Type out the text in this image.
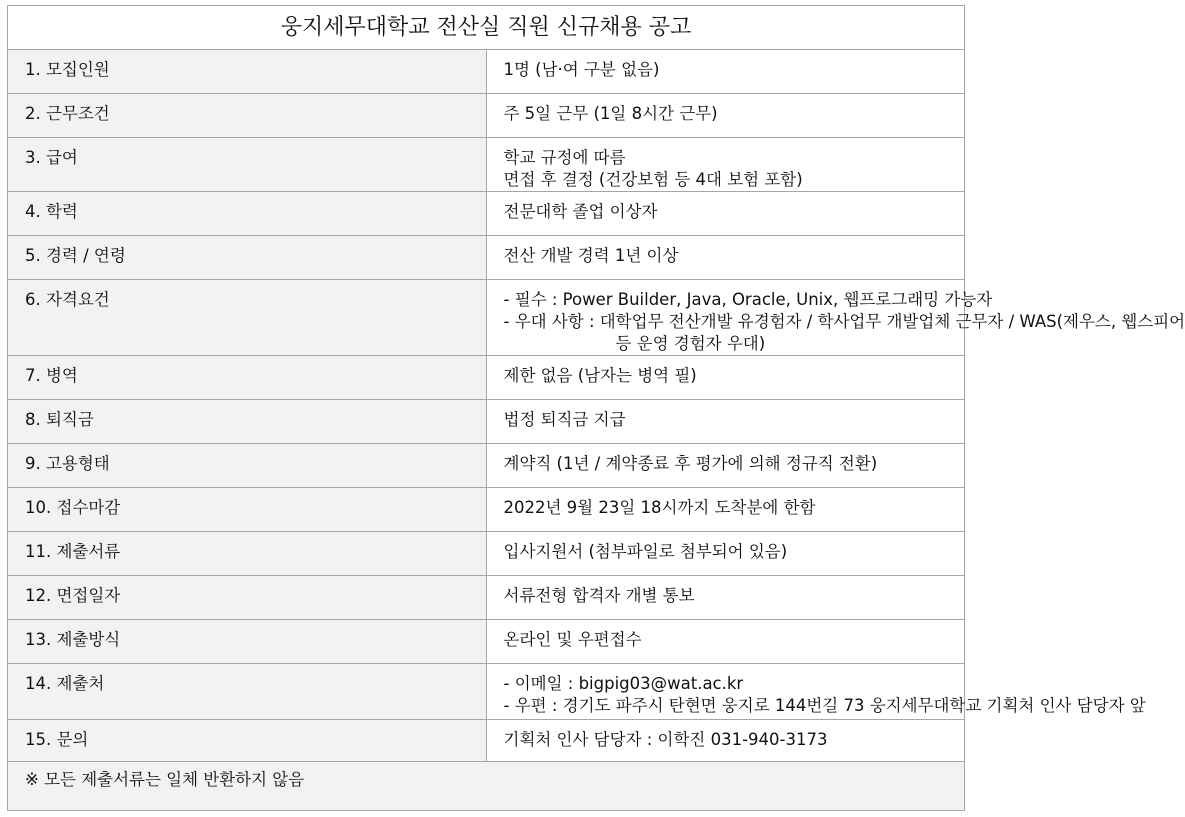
웅지세무대학교 전산실 직원 신규채용 공고	
1. 모집인원	1명 (남·여 구분 없음)

2. 근무조건	주 5일 근무 (1일 8시간 근무)

3. 급여	학교 규정에 따름
면접 후 결정 (건강보험 등 4대 보험 포함)

4. 학력	전문대학 졸업 이상자

5. 경력 / 연령	전산 개발 경력 1년 이상

6. 자격요건	- 필수 : Power Builder, Java, Oracle, Unix, 웹프로그래밍 가능자
- 우대 사항 : 대학업무 전산개발 유경험자 / 학사업무 개발업체 근무자 / WAS(제우스, 웹스피어
등 운영 경험자 우대)

7. 병역	제한 없음 (남자는 병역 필)

8. 퇴직금	법정 퇴직금 지급

9. 고용형태	계약직 (1년 / 계약종료 후 평가에 의해 정규직 전환)

10. 접수마감	2022년 9월 23일 18시까지 도착분에 한함

11. 제출서류	입사지원서 (첨부파일로 첨부되어 있음)

12. 면접일자	서류전형 합격자 개별 통보

13. 제출방식	온라인 및 우편접수

14. 제출처	- 이메일 : bigpig03@wat.ac.kr
- 우편 : 경기도 파주시 탄현면 웅지로 144번길 73 웅지세무대학교 기획처 인사 담당자 앞

15. 문의	기획처 인사 담당자 : 이학진 031-940-3173

※ 모든 제출서류는 일체 반환하지 않음	
